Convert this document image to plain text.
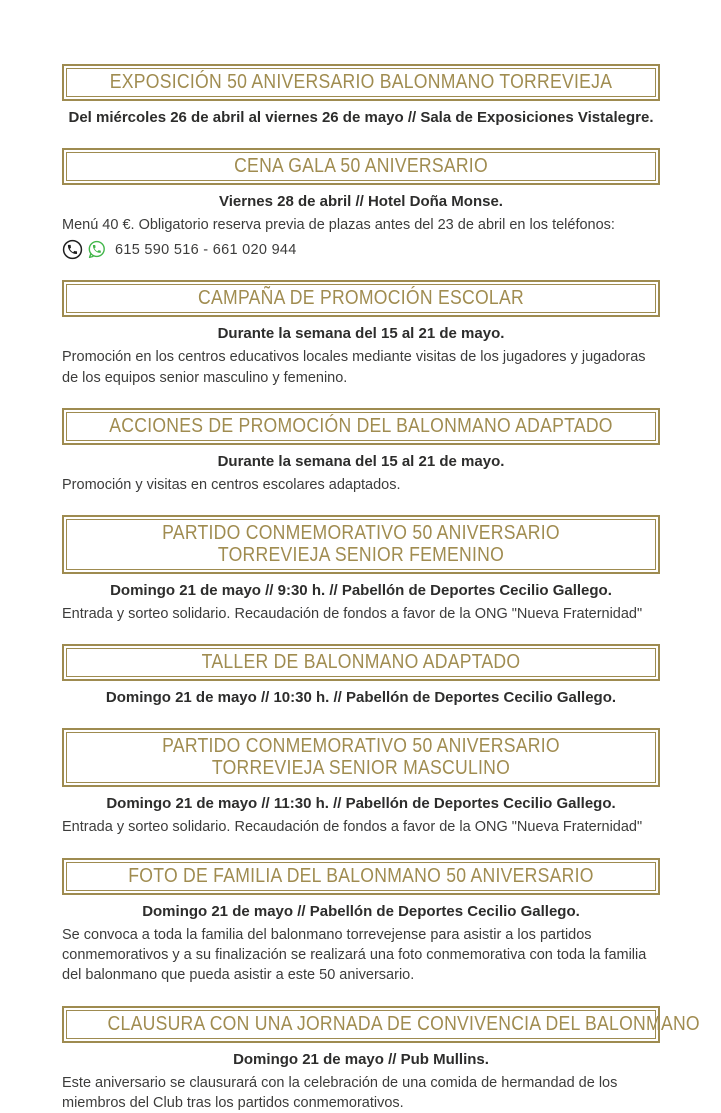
EXPOSICIÓN 50 ANIVERSARIO BALONMANO TORREVIEJA

Del miércoles 26 de abril al viernes 26 de mayo // Sala de Exposiciones Vistalegre.

CENA GALA 50 ANIVERSARIO

Viernes 28 de abril // Hotel Doña Monse.

Menú 40 €. Obligatorio reserva previa de plazas antes del 23 de abril en los teléfonos:

615 590 516 - 661 020 944
CAMPAÑA DE PROMOCIÓN ESCOLAR

Durante la semana del 15 al 21 de mayo.

Promoción en los centros educativos locales mediante visitas de los jugadores y jugadoras de los equipos senior masculino y femenino.

ACCIONES DE PROMOCIÓN DEL BALONMANO ADAPTADO

Durante la semana del 15 al 21 de mayo.

Promoción y visitas en centros escolares adaptados.

PARTIDO CONMEMORATIVO 50 ANIVERSARIO
TORREVIEJA SENIOR FEMENINO

Domingo 21 de mayo // 9:30 h. // Pabellón de Deportes Cecilio Gallego.

Entrada y sorteo solidario. Recaudación de fondos a favor de la ONG "Nueva Fraternidad"

TALLER DE BALONMANO ADAPTADO

Domingo 21 de mayo // 10:30 h. // Pabellón de Deportes Cecilio Gallego.

PARTIDO CONMEMORATIVO 50 ANIVERSARIO
TORREVIEJA SENIOR MASCULINO

Domingo 21 de mayo // 11:30 h. // Pabellón de Deportes Cecilio Gallego.

Entrada y sorteo solidario. Recaudación de fondos a favor de la ONG "Nueva Fraternidad"

FOTO DE FAMILIA DEL BALONMANO 50 ANIVERSARIO

Domingo 21 de mayo // Pabellón de Deportes Cecilio Gallego.

Se convoca a toda la familia del balonmano torrevejense para asistir a los partidos conmemorativos y a su finalización se realizará una foto conmemorativa con toda la familia del balonmano que pueda asistir a este 50 aniversario.

CLAUSURA CON UNA JORNADA DE CONVIVENCIA DEL BALONMANO

Domingo 21 de mayo // Pub Mullins.

Este aniversario se clausurará con la celebración de una comida de hermandad de los miembros del Club tras los partidos conmemorativos.
